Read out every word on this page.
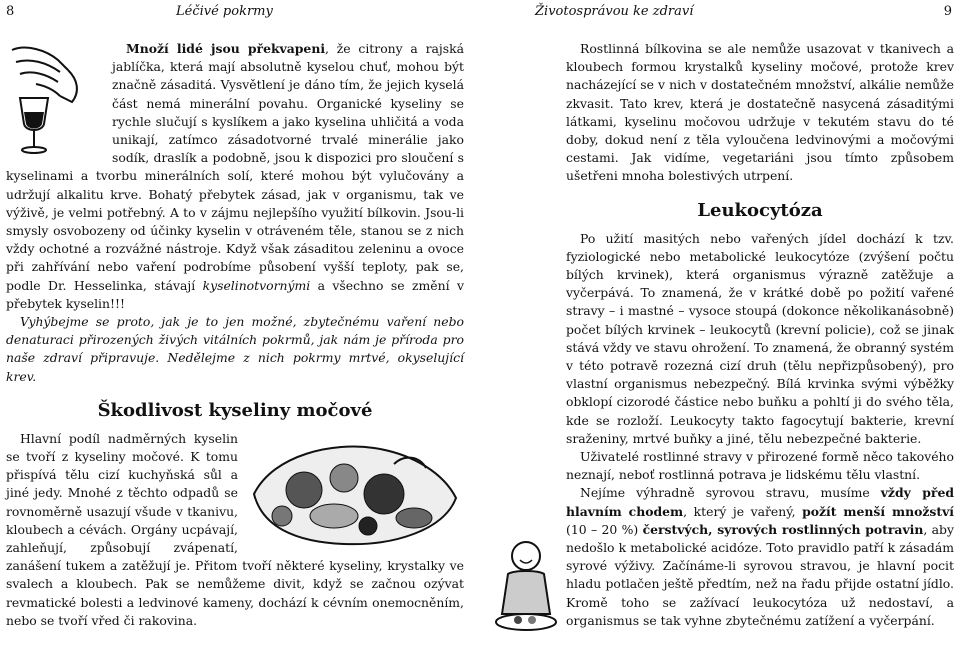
8	Léčivé pokrmy

Množí lidé jsou překvapeni, že citrony a rajská jablíčka, která mají absolutně kyselou chuť, mohou být značně zásaditá. Vysvětlení je dáno tím, že jejich kyselá část nemá minerální povahu. Organické kyseliny se rychle slučují s kyslíkem a jako kyselina uhličitá a voda unikají, zatímco zásadotvorné trvalé minerálie jako sodík, draslík a podobně, jsou k dispozici pro sloučení s kyselinami a tvorbu minerálních solí, které mohou být vylučovány a udržují alkalitu krve. Bohatý přebytek zásad, jak v organismu, tak ve výživě, je velmi potřebný. A to v zájmu nejlepšího využití bílkovin. Jsou-li smysly osvobozeny od účinky kyselin v otráveném těle, stanou se z nich vždy ochotné a rozvážné nástroje. Když však zásaditou zeleninu a ovoce při zahřívání nebo vaření podrobíme působení vyšší teploty, pak se, podle Dr. Hesselinka, stávají kyselinotvornými a všechno se změní v přebytek kyselin!!!

Vyhýbejme se proto, jak je to jen možné, zbytečnému vaření nebo denaturaci přirozených živých vitálních pokrmů, jak nám je příroda pro naše zdraví připravuje. Nedělejme z nich pokrmy mrtvé, okyselující krev.

Škodlivost kyseliny močové

Hlavní podíl nadměrných kyselin se tvoří z kyseliny močové. K tomu přispívá tělu cizí kuchyňská sůl a jiné jedy. Mnohé z těchto odpadů se rovnoměrně usazují všude v tkanivu, kloubech a cévách. Orgány ucpávají, zahleňují, způsobují zvápenatí, zanášení tukem a zatěžují je. Přitom tvoří některé kyseliny, krystalky ve svalech a kloubech. Pak se nemůžeme divit, když se začnou ozývat revmatické bolesti a ledvinové kameny, dochází k cévním onemocněním, nebo se tvoří vřed či rakovina.

Životosprávou ke zdraví	9

Rostlinná bílkovina se ale nemůže usazovat v tkanivech a kloubech formou krystalků kyseliny močové, protože krev nacházející se v nich v dostatečném množství, alkálie nemůže zkvasit. Tato krev, která je dostatečně nasycená zásaditými látkami, kyselinu močovou udržuje v tekutém stavu do té doby, dokud není z těla vyloučena ledvinovými a močovými cestami. Jak vidíme, vegetariáni jsou tímto způsobem ušetřeni mnoha bolestivých utrpení.

Leukocytóza

Po užití masitých nebo vařených jídel dochází k tzv. fyziologické nebo metabolické leukocytóze (zvýšení počtu bílých krvinek), která organismus výrazně zatěžuje a vyčerpává. To znamená, že v krátké době po požití vařené stravy – i mastné – vysoce stoupá (dokonce několikanásobně) počet bílých krvinek – leukocytů (krevní policie), což se jinak stává vždy ve stavu ohrožení. To znamená, že obranný systém v této potravě rozezná cizí druh (tělu nepřizpůsobený), pro vlastní organismus nebezpečný. Bílá krvinka svými výběžky obklopí cizorodé částice nebo buňku a pohltí ji do svého těla, kde se rozloží. Leukocyty takto fagocytují bakterie, krevní sraženiny, mrtvé buňky a jiné, tělu nebezpečné bakterie.

Uživatelé rostlinné stravy v přirozené formě něco takového neznají, neboť rostlinná potrava je lidskému tělu vlastní.

Nejíme výhradně syrovou stravu, musíme vždy před hlavním chodem, který je vařený, požít menší množství (10 – 20 %) čerstvých, syrových rostlinných potravin, aby nedošlo k metabolické acidóze. Toto pravidlo patří k zásadám syrové výživy. Začínáme-li syrovou stravou, je hlavní pocit hladu potlačen ještě předtím, než na řadu přijde ostatní jídlo. Kromě toho se zažívací leukocytóza už nedostaví, a organismus se tak vyhne zbytečnému zatížení a vyčerpání.
